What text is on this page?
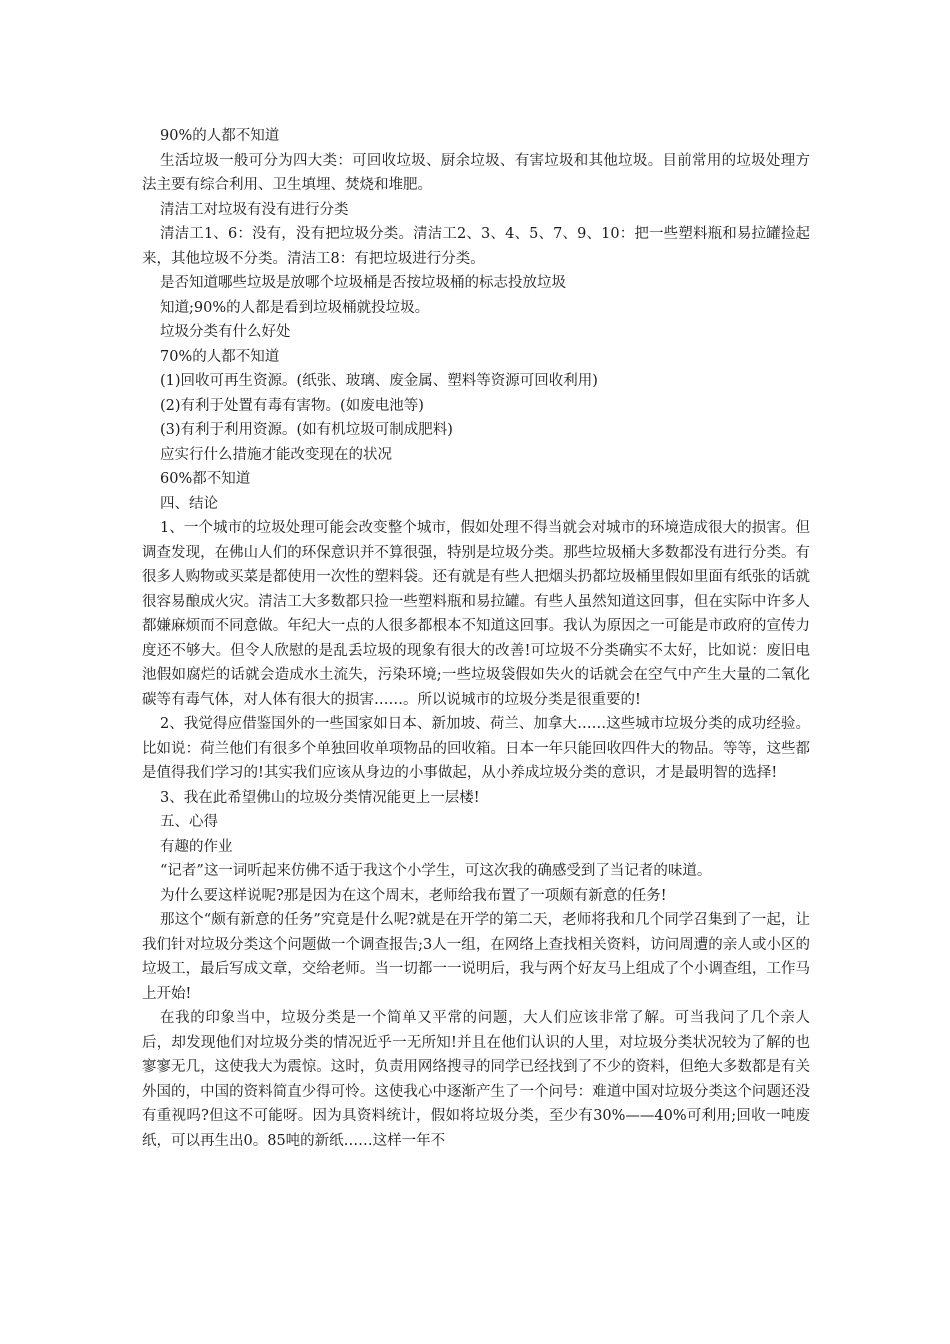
90%的人都不知道

生活垃圾一般可分为四大类：可回收垃圾、厨余垃圾、有害垃圾和其他垃圾。目前常用的垃圾处理方法主要有综合利用、卫生填埋、焚烧和堆肥。

清洁工对垃圾有没有进行分类

清洁工1、6：没有，没有把垃圾分类。清洁工2、3、4、5、7、9、10：把一些塑料瓶和易拉罐捡起来，其他垃圾不分类。清洁工8：有把垃圾进行分类。

是否知道哪些垃圾是放哪个垃圾桶是否按垃圾桶的标志投放垃圾

知道;90%的人都是看到垃圾桶就投垃圾。

垃圾分类有什么好处

70%的人都不知道

(1)回收可再生资源。(纸张、玻璃、废金属、塑料等资源可回收利用)

(2)有利于处置有毒有害物。(如废电池等)

(3)有利于利用资源。(如有机垃圾可制成肥料)

应实行什么措施才能改变现在的状况

60%都不知道

四、结论

1、一个城市的垃圾处理可能会改变整个城市，假如处理不得当就会对城市的环境造成很大的损害。但调查发现，在佛山人们的环保意识并不算很强，特别是垃圾分类。那些垃圾桶大多数都没有进行分类。有很多人购物或买菜是都使用一次性的塑料袋。还有就是有些人把烟头扔都垃圾桶里假如里面有纸张的话就很容易酿成火灾。清洁工大多数都只捡一些塑料瓶和易拉罐。有些人虽然知道这回事，但在实际中许多人都嫌麻烦而不同意做。年纪大一点的人很多都根本不知道这回事。我认为原因之一可能是市政府的宣传力度还不够大。但令人欣慰的是乱丢垃圾的现象有很大的改善!可垃圾不分类确实不太好，比如说：废旧电池假如腐烂的话就会造成水土流失，污染环境;一些垃圾袋假如失火的话就会在空气中产生大量的二氧化碳等有毒气体，对人体有很大的损害……。所以说城市的垃圾分类是很重要的!

2、我觉得应借鉴国外的一些国家如日本、新加坡、荷兰、加拿大……这些城市垃圾分类的成功经验。比如说：荷兰他们有很多个单独回收单项物品的回收箱。日本一年只能回收四件大的物品。等等，这些都是值得我们学习的!其实我们应该从身边的小事做起，从小养成垃圾分类的意识，才是最明智的选择!

3、我在此希望佛山的垃圾分类情况能更上一层楼!

五、心得

有趣的作业

“记者”这一词听起来仿佛不适于我这个小学生，可这次我的确感受到了当记者的味道。

为什么要这样说呢?那是因为在这个周末，老师给我布置了一项颇有新意的任务!

那这个“颇有新意的任务”究竟是什么呢?就是在开学的第二天，老师将我和几个同学召集到了一起，让我们针对垃圾分类这个问题做一个调查报告;3人一组，在网络上查找相关资料，访问周遭的亲人或小区的垃圾工，最后写成文章，交给老师。当一切都一一说明后，我与两个好友马上组成了个小调查组，工作马上开始!

在我的印象当中，垃圾分类是一个简单又平常的问题，大人们应该非常了解。可当我问了几个亲人后，却发现他们对垃圾分类的情况近乎一无所知!并且在他们认识的人里，对垃圾分类状况较为了解的也寥寥无几，这使我大为震惊。这时，负责用网络搜寻的同学已经找到了不少的资料，但绝大多数都是有关外国的，中国的资料简直少得可怜。这使我心中逐渐产生了一个问号：难道中国对垃圾分类这个问题还没有重视吗?但这不可能呀。因为具资料统计，假如将垃圾分类，至少有30%——40%可利用;回收一吨废纸，可以再生出0。85吨的新纸……这样一年不
